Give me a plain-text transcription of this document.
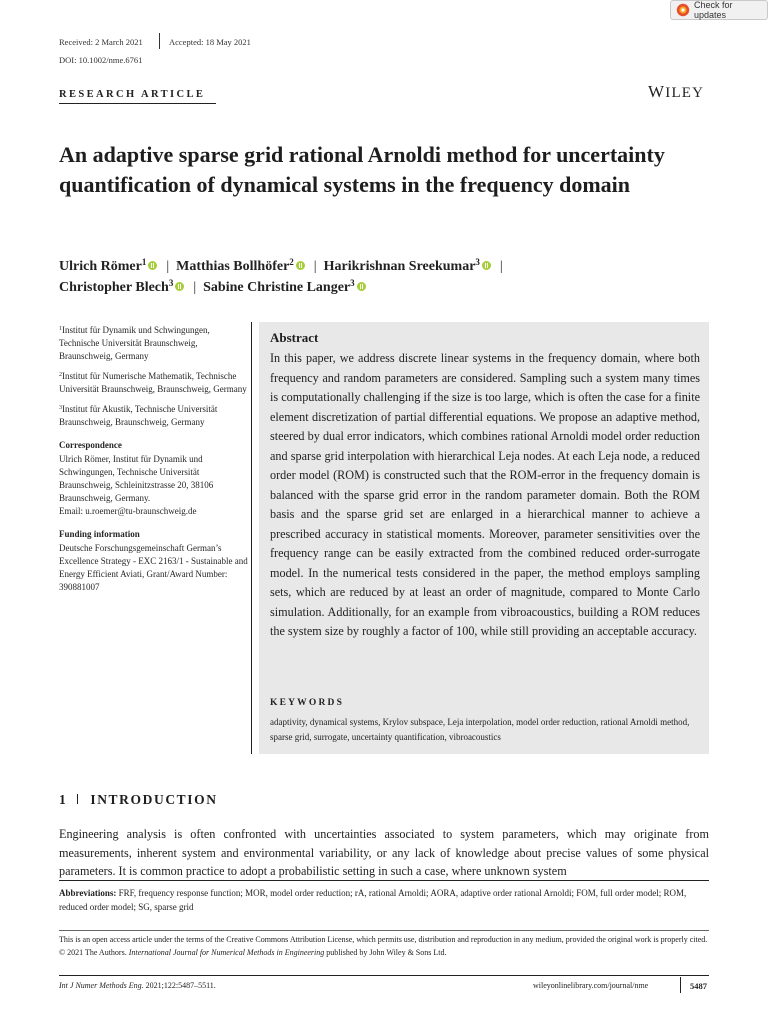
Check for updates
Received: 2 March 2021	Accepted: 18 May 2021
DOI: 10.1002/nme.6761
RESEARCH ARTICLE	WILEY
An adaptive sparse grid rational Arnoldi method for uncertainty quantification of dynamical systems in the frequency domain
Ulrich Römer$^1$ | Matthias Bollhöfer$^2$ | Harikrishnan Sreekumar$^3$ |
Christopher Blech$^3$ | Sabine Christine Langer$^3$

$^1$Institut für Dynamik und Schwingungen, Technische Universität Braunschweig, Braunschweig, Germany

$^2$Institut für Numerische Mathematik, Technische Universität Braunschweig, Braunschweig, Germany

$^3$Institut für Akustik, Technische Universität Braunschweig, Braunschweig, Germany

Correspondence

Ulrich Römer, Institut für Dynamik und Schwingungen, Technische Universität Braunschweig, Schleinitzstrasse 20, 38106 Braunschweig, Germany.

Email: u.roemer@tu-braunschweig.de

Funding information

Deutsche Forschungsgemeinschaft German’s Excellence Strategy - EXC 2163/1 - Sustainable and Energy Efficient Aviati, Grant/Award Number: 390881007

Abstract
In this paper, we address discrete linear systems in the frequency domain, where both frequency and random parameters are considered. Sampling such a system many times is computationally challenging if the size is too large, which is often the case for a finite element discretization of partial differential equations. We propose an adaptive method, steered by dual error indicators, which combines rational Arnoldi model order reduction and sparse grid interpolation with hierarchical Leja nodes. At each Leja node, a reduced order model (ROM) is constructed such that the ROM-error in the frequency domain is balanced with the sparse grid error in the random parameter domain. Both the ROM basis and the sparse grid set are enlarged in a hierarchical manner to achieve a prescribed accuracy in statistical moments. Moreover, parameter sensitivities over the frequency range can be easily extracted from the combined reduced order-surrogate model. In the numerical tests considered in the paper, the method employs sampling sets, which are reduced by at least an order of magnitude, compared to Monte Carlo simulation. Additionally, for an example from vibroacoustics, building a ROM reduces the system size by roughly a factor of 100, while still providing an acceptable accuracy.
KEYWORDS
adaptivity, dynamical systems, Krylov subspace, Leja interpolation, model order reduction, rational Arnoldi method, sparse grid, surrogate, uncertainty quantification, vibroacoustics
1 INTRODUCTION
Engineering analysis is often confronted with uncertainties associated to system parameters, which may originate from measurements, inherent system and environmental variability, or any lack of knowledge about precise values of some physical parameters. It is common practice to adopt a probabilistic setting in such a case, where unknown system
Abbreviations: FRF, frequency response function; MOR, model order reduction; rA, rational Arnoldi; AORA, adaptive order rational Arnoldi; FOM, full order model; ROM, reduced order model; SG, sparse grid
This is an open access article under the terms of the Creative Commons Attribution License, which permits use, distribution and reproduction in any medium, provided the original work is properly cited.
© 2021 The Authors. International Journal for Numerical Methods in Engineering published by John Wiley & Sons Ltd.
Int J Numer Methods Eng. 2021;122:5487–5511.	wileyonlinelibrary.com/journal/nme	5487
